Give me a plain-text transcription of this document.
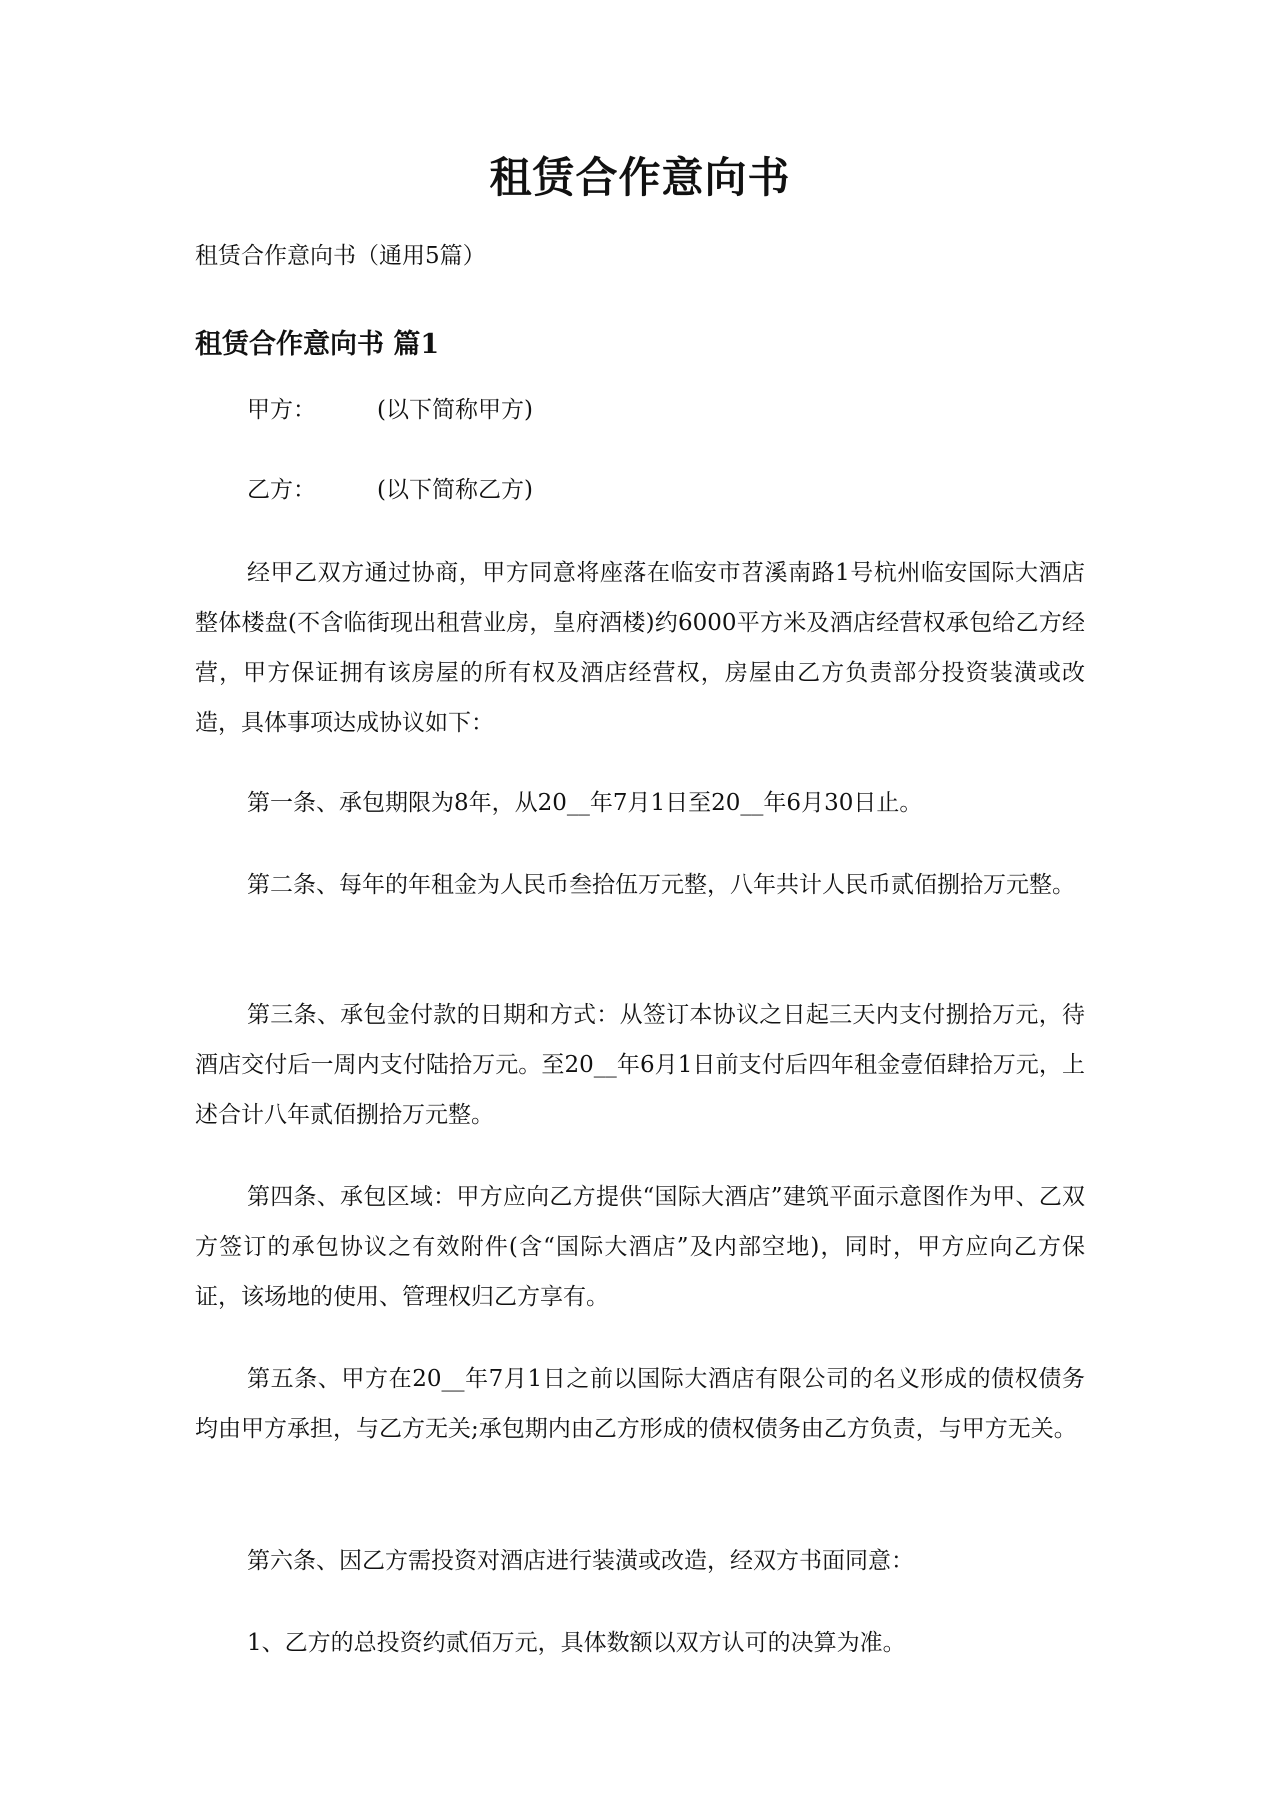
租赁合作意向书
租赁合作意向书（通用5篇）
租赁合作意向书 篇1
甲方：	(以下简称甲方)
乙方：	(以下简称乙方)

经甲乙双方通过协商，甲方同意将座落在临安市苕溪南路1号杭州临安国际大酒店整体楼盘(不含临街现出租营业房，皇府酒楼)约6000平方米及酒店经营权承包给乙方经营，甲方保证拥有该房屋的所有权及酒店经营权，房屋由乙方负责部分投资装潢或改造，具体事项达成协议如下：

第一条、承包期限为8年，从20__年7月1日至20__年6月30日止。

第二条、每年的年租金为人民币叁拾伍万元整，八年共计人民币贰佰捌拾万元整。

第三条、承包金付款的日期和方式：从签订本协议之日起三天内支付捌拾万元，待酒店交付后一周内支付陆拾万元。至20__年6月1日前支付后四年租金壹佰肆拾万元，上述合计八年贰佰捌拾万元整。

第四条、承包区域：甲方应向乙方提供“国际大酒店”建筑平面示意图作为甲、乙双方签订的承包协议之有效附件(含“国际大酒店”及内部空地)，同时，甲方应向乙方保证，该场地的使用、管理权归乙方享有。

第五条、甲方在20__年7月1日之前以国际大酒店有限公司的名义形成的债权债务均由甲方承担，与乙方无关;承包期内由乙方形成的债权债务由乙方负责，与甲方无关。

第六条、因乙方需投资对酒店进行装潢或改造，经双方书面同意：

1、乙方的总投资约贰佰万元，具体数额以双方认可的决算为准。
